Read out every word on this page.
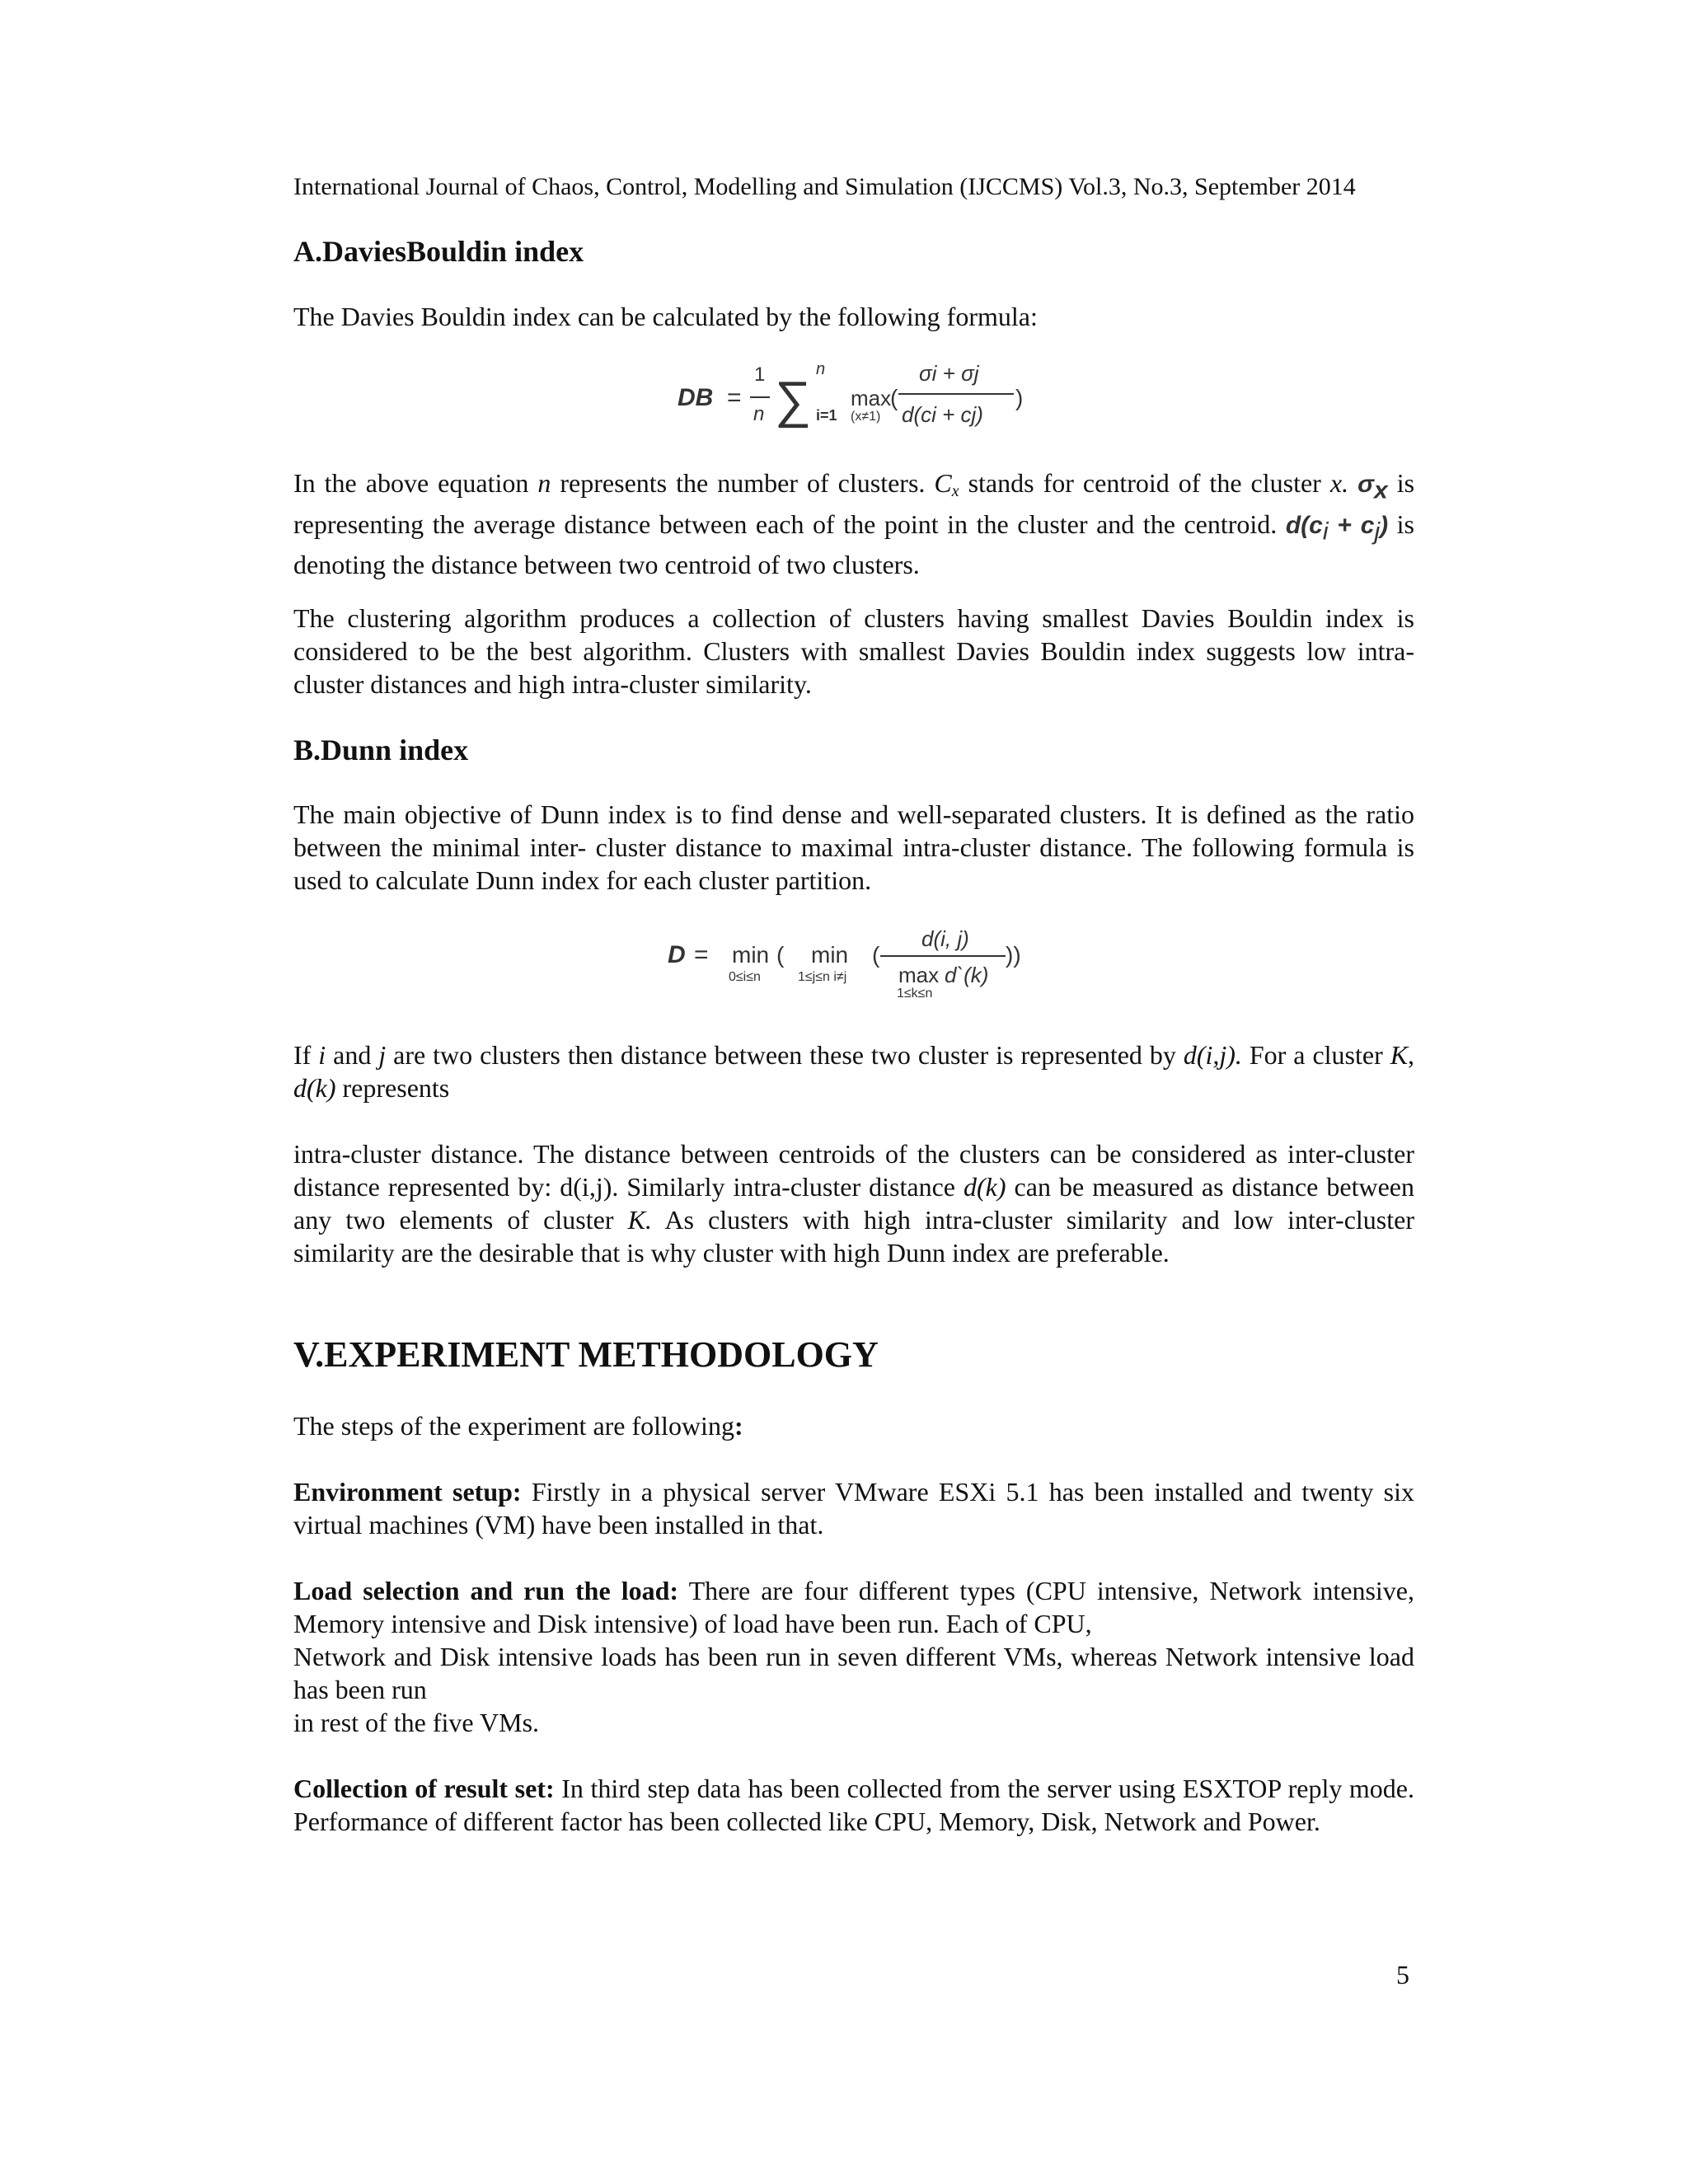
International Journal of Chaos, Control, Modelling and Simulation (IJCCMS) Vol.3, No.3, September 2014
A.DaviesBouldin index
The Davies Bouldin index can be calculated by the following formula:
DB =
1
n ∑
n
i=1
max
(x≠1)
(
σi + σj
d(ci + cj)
)
In the above equation n represents the number of clusters. $C_x$ stands for centroid of the cluster x. $\sigma_x$ is representing the average distance between each of the point in the cluster and the centroid. $d(c_i + c_j)$ is denoting the distance between two centroid of two clusters.
The clustering algorithm produces a collection of clusters having smallest Davies Bouldin index is considered to be the best algorithm. Clusters with smallest Davies Bouldin index suggests low intra-cluster distances and high intra-cluster similarity.
B.Dunn index
The main objective of Dunn index is to find dense and well-separated clusters. It is defined as the ratio between the minimal inter- cluster distance to maximal intra-cluster distance. The following formula is used to calculate Dunn index for each cluster partition.
D = min
0≤i≤n
( min
1≤j≤n i≠j
(
d(i, j)
max
1≤k≤n
d`(k)
))
If i and j are two clusters then distance between these two cluster is represented by d(i,j). For a cluster K, d(k) represents
intra-cluster distance. The distance between centroids of the clusters can be considered as inter-cluster distance represented by: d(i,j). Similarly intra-cluster distance d(k) can be measured as distance between any two elements of cluster K. As clusters with high intra-cluster similarity and low inter-cluster similarity are the desirable that is why cluster with high Dunn index are preferable.
V.EXPERIMENT METHODOLOGY
The steps of the experiment are following:
Environment setup: Firstly in a physical server VMware ESXi 5.1 has been installed and twenty six virtual machines (VM) have been installed in that.
Load selection and run the load: There are four different types (CPU intensive, Network intensive, Memory intensive and Disk intensive) of load have been run. Each of CPU,
Network and Disk intensive loads has been run in seven different VMs, whereas Network intensive load has been run
in rest of the five VMs.
Collection of result set: In third step data has been collected from the server using ESXTOP reply mode. Performance of different factor has been collected like CPU, Memory, Disk, Network and Power.
5
